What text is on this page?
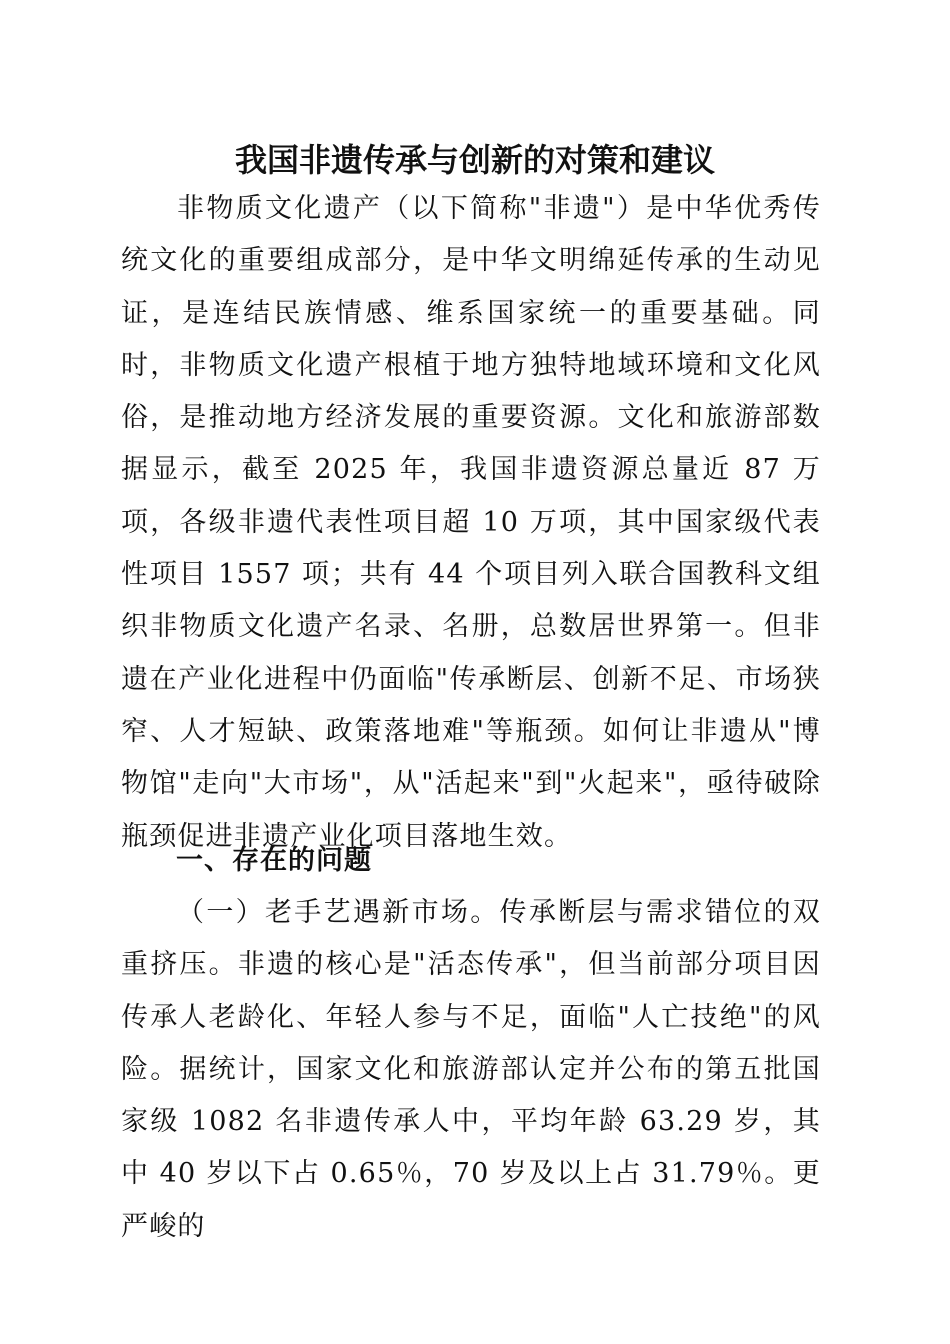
我国非遗传承与创新的对策和建议

非物质文化遗产（以下简称"非遗"）是中华优秀传统文化的重要组成部分，是中华文明绵延传承的生动见证，是连结民族情感、维系国家统一的重要基础。同时，非物质文化遗产根植于地方独特地域环境和文化风俗，是推动地方经济发展的重要资源。文化和旅游部数据显示，截至 2025 年，我国非遗资源总量近 87 万项，各级非遗代表性项目超 10 万项，其中国家级代表性项目 1557 项；共有 44 个项目列入联合国教科文组织非物质文化遗产名录、名册，总数居世界第一。但非遗在产业化进程中仍面临"传承断层、创新不足、市场狭窄、人才短缺、政策落地难"等瓶颈。如何让非遗从"博物馆"走向"大市场"，从"活起来"到"火起来"，亟待破除瓶颈促进非遗产业化项目落地生效。

一、存在的问题

（一）老手艺遇新市场。传承断层与需求错位的双重挤压。非遗的核心是"活态传承"，但当前部分项目因传承人老龄化、年轻人参与不足，面临"人亡技绝"的风险。据统计，国家文化和旅游部认定并公布的第五批国家级 1082 名非遗传承人中，平均年龄 63.29 岁，其中 40 岁以下占 0.65％，70 岁及以上占 31.79％。更严峻的
